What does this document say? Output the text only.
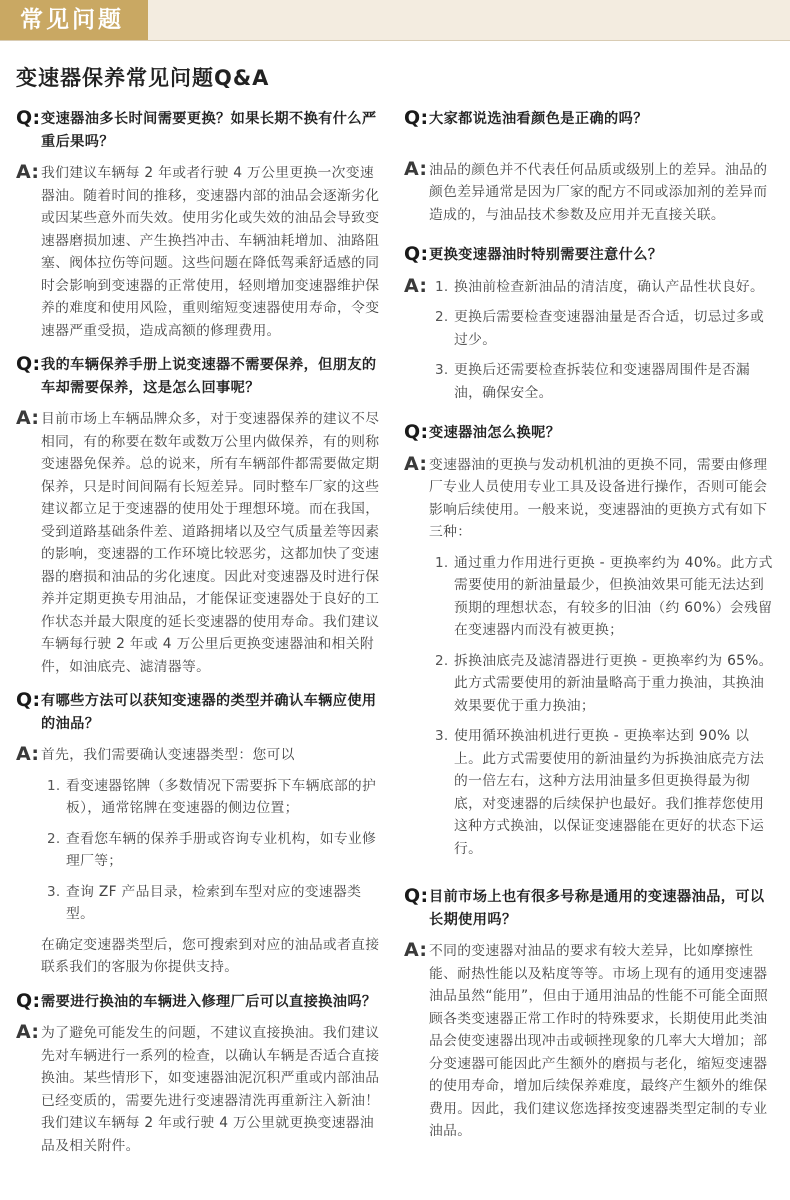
常见问题
变速器保养常见问题Q&A
Q: 变速器油多长时间需要更换？如果长期不换有什么严重后果吗？
A: 我们建议车辆每 2 年或者行驶 4 万公里更换一次变速器油。随着时间的推移，变速器内部的油品会逐渐劣化或因某些意外而失效。使用劣化或失效的油品会导致变速器磨损加速、产生换挡冲击、车辆油耗增加、油路阻塞、阀体拉伤等问题。这些问题在降低驾乘舒适感的同时会影响到变速器的正常使用，轻则增加变速器维护保养的难度和使用风险，重则缩短变速器使用寿命，令变速器严重受损，造成高额的修理费用。
Q: 我的车辆保养手册上说变速器不需要保养，但朋友的车却需要保养，这是怎么回事呢？
A: 目前市场上车辆品牌众多，对于变速器保养的建议不尽相同，有的称要在数年或数万公里内做保养，有的则称变速器免保养。总的说来，所有车辆部件都需要做定期保养，只是时间间隔有长短差异。同时整车厂家的这些建议都立足于变速器的使用处于理想环境。而在我国，受到道路基础条件差、道路拥堵以及空气质量差等因素的影响，变速器的工作环境比较恶劣，这都加快了变速器的磨损和油品的劣化速度。因此对变速器及时进行保养并定期更换专用油品，才能保证变速器处于良好的工作状态并最大限度的延长变速器的使用寿命。我们建议车辆每行驶 2 年或 4 万公里后更换变速器油和相关附件，如油底壳、滤清器等。
Q: 有哪些方法可以获知变速器的类型并确认车辆应使用的油品？
A: 首先，我们需要确认变速器类型：您可以
1. 看变速器铭牌（多数情况下需要拆下车辆底部的护板），通常铭牌在变速器的侧边位置；
2. 查看您车辆的保养手册或咨询专业机构，如专业修理厂等；
3. 查询 ZF 产品目录，检索到车型对应的变速器类型。
在确定变速器类型后，您可搜索到对应的油品或者直接联系我们的客服为你提供支持。
Q: 需要进行换油的车辆进入修理厂后可以直接换油吗？
A: 为了避免可能发生的问题，不建议直接换油。我们建议先对车辆进行一系列的检查，以确认车辆是否适合直接换油。某些情形下，如变速器油泥沉积严重或内部油品已经变质的，需要先进行变速器清洗再重新注入新油！我们建议车辆每 2 年或行驶 4 万公里就更换变速器油品及相关附件。
Q: 大家都说选油看颜色是正确的吗？
A: 油品的颜色并不代表任何品质或级别上的差异。油品的颜色差异通常是因为厂家的配方不同或添加剂的差异而造成的，与油品技术参数及应用并无直接关联。
Q: 更换变速器油时特别需要注意什么？
A: 1. 换油前检查新油品的清洁度，确认产品性状良好。
2. 更换后需要检查变速器油量是否合适，切忌过多或过少。
3. 更换后还需要检查拆装位和变速器周围件是否漏油，确保安全。
Q: 变速器油怎么换呢？
A: 变速器油的更换与发动机机油的更换不同，需要由修理厂专业人员使用专业工具及设备进行操作，否则可能会影响后续使用。一般来说，变速器油的更换方式有如下三种：
1. 通过重力作用进行更换 - 更换率约为 40%。此方式需要使用的新油量最少，但换油效果可能无法达到预期的理想状态，有较多的旧油（约 60%）会残留在变速器内而没有被更换；
2. 拆换油底壳及滤清器进行更换 - 更换率约为 65%。此方式需要使用的新油量略高于重力换油，其换油效果要优于重力换油；
3. 使用循环换油机进行更换 - 更换率达到 90% 以上。此方式需要使用的新油量约为拆换油底壳方法的一倍左右，这种方法用油量多但更换得最为彻底，对变速器的后续保护也最好。我们推荐您使用这种方式换油，以保证变速器能在更好的状态下运行。
Q: 目前市场上也有很多号称是通用的变速器油品，可以长期使用吗？
A: 不同的变速器对油品的要求有较大差异，比如摩擦性能、耐热性能以及粘度等等。市场上现有的通用变速器油品虽然“能用”，但由于通用油品的性能不可能全面照顾各类变速器正常工作时的特殊要求，长期使用此类油品会使变速器出现冲击或顿挫现象的几率大大增加；部分变速器可能因此产生额外的磨损与老化，缩短变速器的使用寿命，增加后续保养难度，最终产生额外的维保费用。因此，我们建议您选择按变速器类型定制的专业油品。
